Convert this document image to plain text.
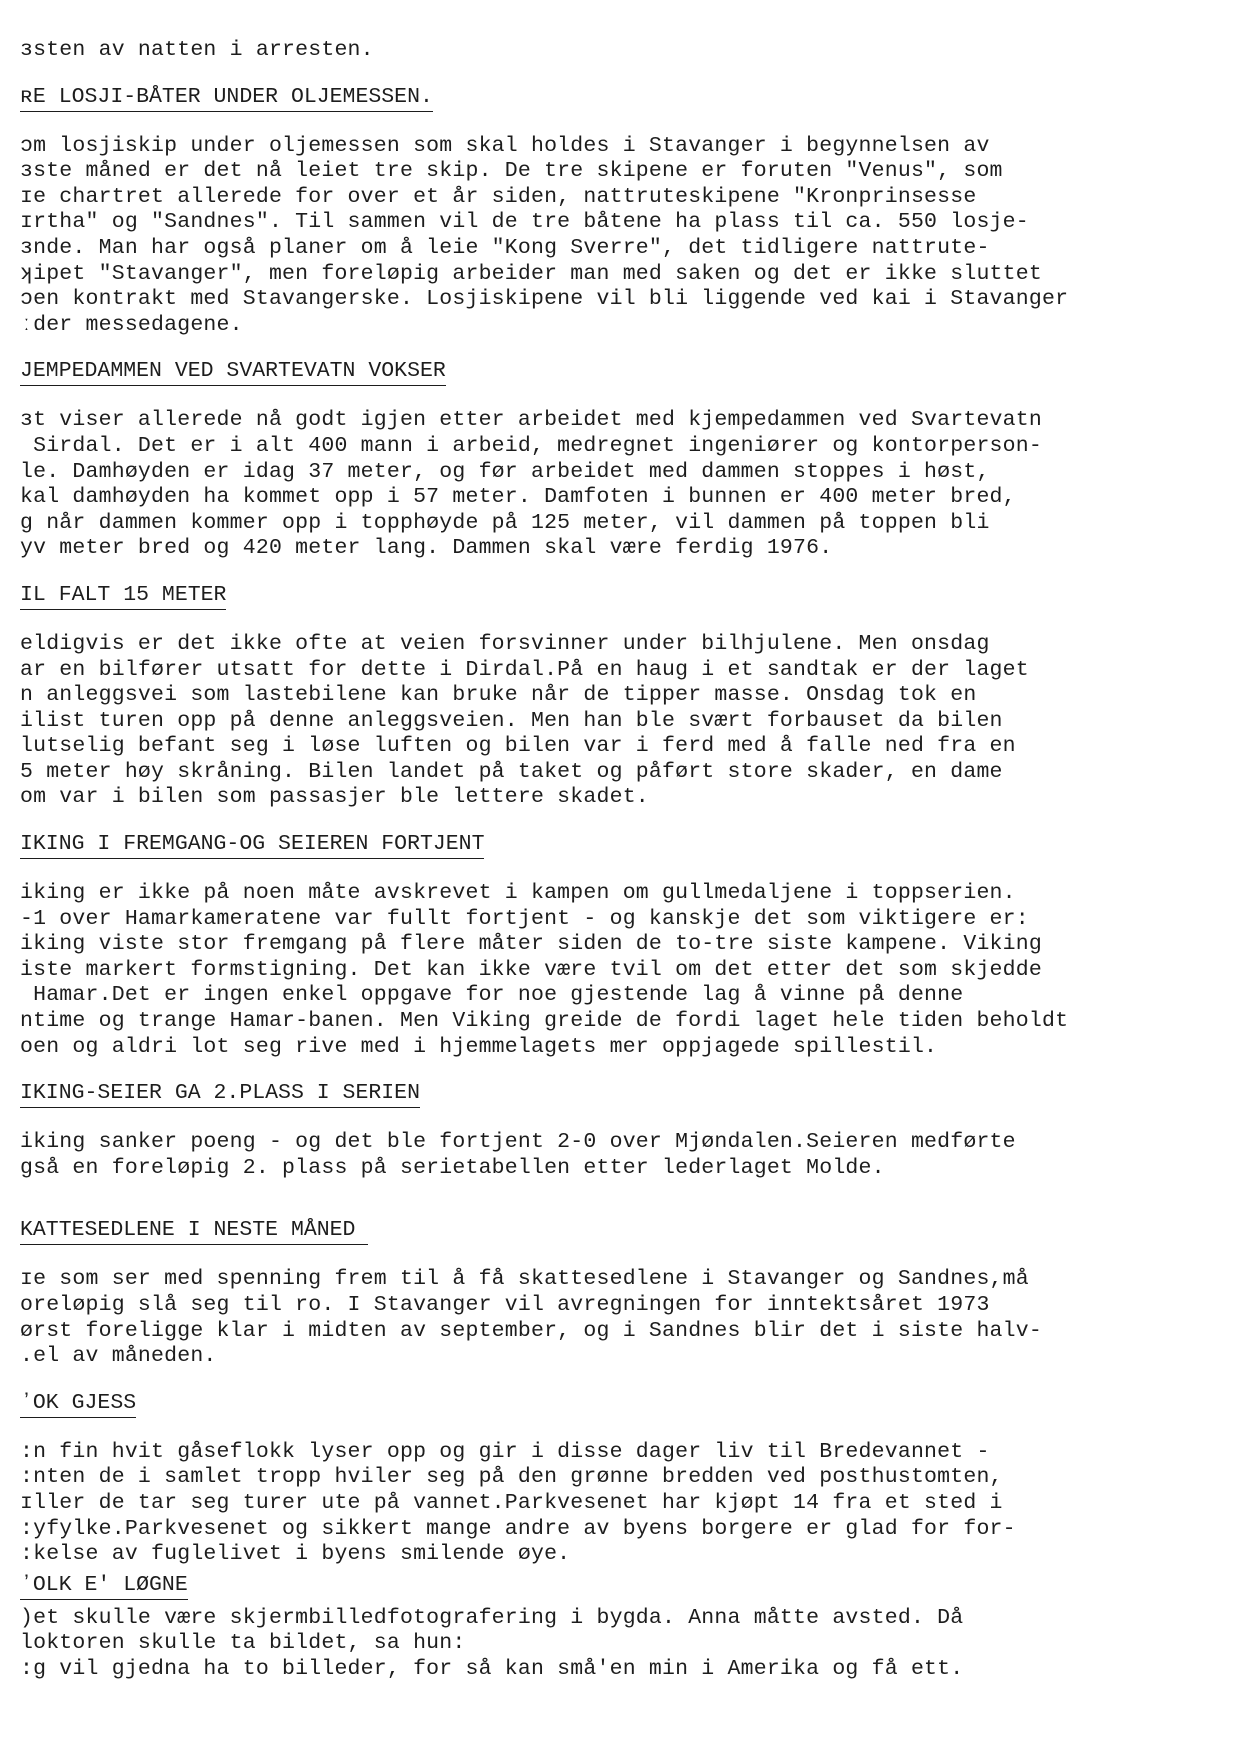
ɜsten av natten i arresten.
ʀE LOSJI-BÅTER UNDER OLJEMESSEN.
ɔm losjiskip under oljemessen som skal holdes i Stavanger i begynnelsen av
ɜste måned er det nå leiet tre skip. De tre skipene er foruten "Venus", som
ɪe chartret allerede for over et år siden, nattruteskipene "Kronprinsesse
ɪrtha" og "Sandnes". Til sammen vil de tre båtene ha plass til ca. 550 losje-
ɜnde. Man har også planer om å leie "Kong Sverre", det tidligere nattrute-
ʞipet "Stavanger", men foreløpig arbeider man med saken og det er ikke sluttet
ɔen kontrakt med Stavangerske. Losjiskipene vil bli liggende ved kai i Stavanger
ːder messedagene.
JEMPEDAMMEN VED SVARTEVATN VOKSER
ɜt viser allerede nå godt igjen etter arbeidet med kjempedammen ved Svartevatn
Sirdal. Det er i alt 400 mann i arbeid, medregnet ingeniører og kontorperson-
le. Damhøyden er idag 37 meter, og før arbeidet med dammen stoppes i høst,
kal damhøyden ha kommet opp i 57 meter. Damfoten i bunnen er 400 meter bred,
g når dammen kommer opp i topphøyde på 125 meter, vil dammen på toppen bli
yv meter bred og 420 meter lang. Dammen skal være ferdig 1976.
IL FALT 15 METER
eldigvis er det ikke ofte at veien forsvinner under bilhjulene. Men onsdag
ar en bilfører utsatt for dette i Dirdal.På en haug i et sandtak er der laget
n anleggsvei som lastebilene kan bruke når de tipper masse. Onsdag tok en
ilist turen opp på denne anleggsveien. Men han ble svært forbauset da bilen
lutselig befant seg i løse luften og bilen var i ferd med å falle ned fra en
5 meter høy skråning. Bilen landet på taket og påført store skader, en dame
om var i bilen som passasjer ble lettere skadet.
IKING I FREMGANG-OG SEIEREN FORTJENT
iking er ikke på noen måte avskrevet i kampen om gullmedaljene i toppserien.
-1 over Hamarkameratene var fullt fortjent - og kanskje det som viktigere er:
iking viste stor fremgang på flere måter siden de to-tre siste kampene. Viking
iste markert formstigning. Det kan ikke være tvil om det etter det som skjedde
Hamar.Det er ingen enkel oppgave for noe gjestende lag å vinne på denne
ntime og trange Hamar-banen. Men Viking greide de fordi laget hele tiden beholdt
oen og aldri lot seg rive med i hjemmelagets mer oppjagede spillestil.
IKING-SEIER GA 2.PLASS I SERIEN
iking sanker poeng - og det ble fortjent 2-0 over Mjøndalen.Seieren medførte
gså en foreløpig 2. plass på serietabellen etter lederlaget Molde.
KATTESEDLENE I NESTE MÅNED
ɪe som ser med spenning frem til å få skattesedlene i Stavanger og Sandnes,må
oreløpig slå seg til ro. I Stavanger vil avregningen for inntektsåret 1973
ørst foreligge klar i midten av september, og i Sandnes blir det i siste halv-
.el av måneden.
ʼOK GJESS
:n fin hvit gåseflokk lyser opp og gir i disse dager liv til Bredevannet -
:nten de i samlet tropp hviler seg på den grønne bredden ved posthustomten,
ɪller de tar seg turer ute på vannet.Parkvesenet har kjøpt 14 fra et sted i
:yfylke.Parkvesenet og sikkert mange andre av byens borgere er glad for for-
:kelse av fuglelivet i byens smilende øye.
ʼOLK E' LØGNE
)et skulle være skjermbilledfotografering i bygda. Anna måtte avsted. Då
loktoren skulle ta bildet, sa hun:
:g vil gjedna ha to billeder, for så kan små'en min i Amerika og få ett.
